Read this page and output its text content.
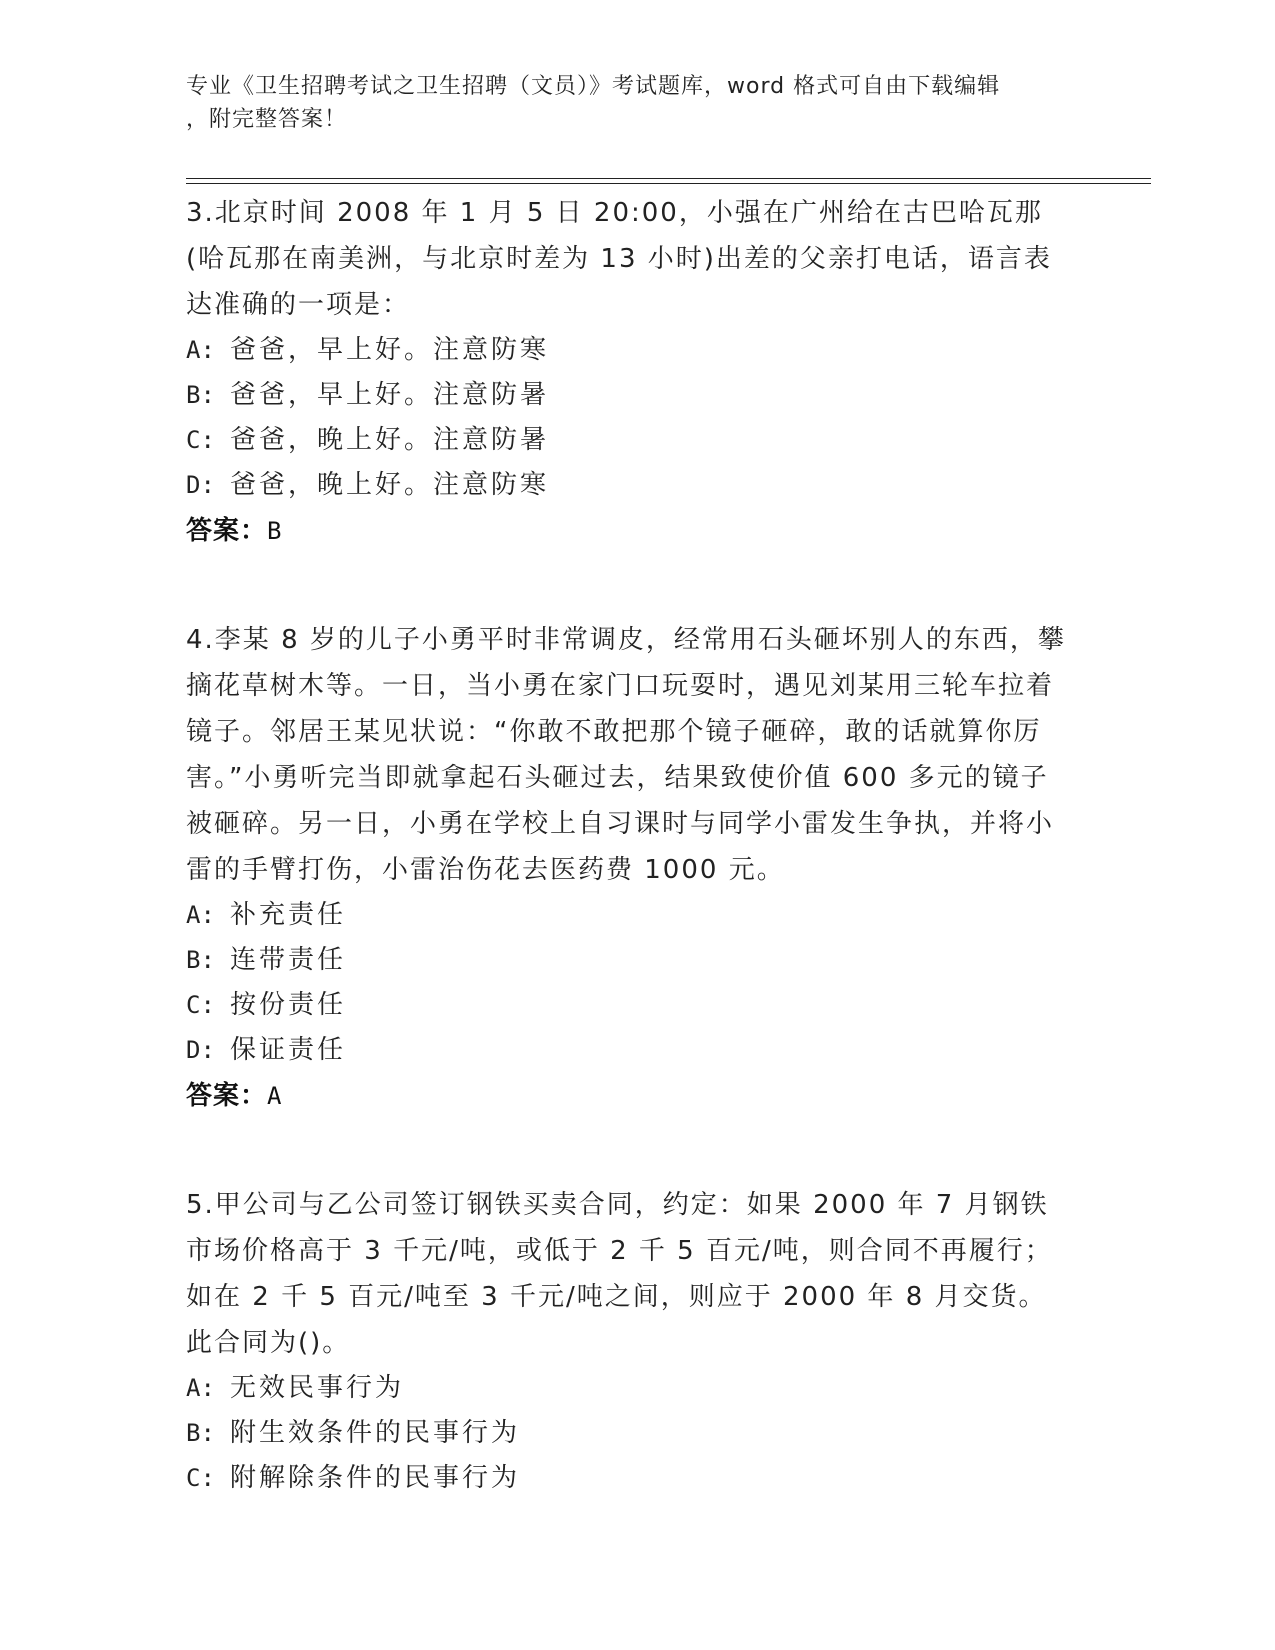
专业《卫生招聘考试之卫生招聘（文员）》考试题库，word 格式可自由下载编辑
，附完整答案！

3.北京时间 2008 年 1 月 5 日 20:00，小强在广州给在古巴哈瓦那(哈瓦那在南美洲，与北京时差为 13 小时)出差的父亲打电话，语言表达准确的一项是：

A: 爸爸，早上好。注意防寒
B: 爸爸，早上好。注意防暑
C: 爸爸，晚上好。注意防暑
D: 爸爸，晚上好。注意防寒
答案：B

4.李某 8 岁的儿子小勇平时非常调皮，经常用石头砸坏别人的东西，攀摘花草树木等。一日，当小勇在家门口玩耍时，遇见刘某用三轮车拉着镜子。邻居王某见状说：“你敢不敢把那个镜子砸碎，敢的话就算你厉害。”小勇听完当即就拿起石头砸过去，结果致使价值 600 多元的镜子被砸碎。另一日，小勇在学校上自习课时与同学小雷发生争执，并将小雷的手臂打伤，小雷治伤花去医药费 1000 元。

A: 补充责任
B: 连带责任
C: 按份责任
D: 保证责任
答案：A

5.甲公司与乙公司签订钢铁买卖合同，约定：如果 2000 年 7 月钢铁市场价格高于 3 千元/吨，或低于 2 千 5 百元/吨，则合同不再履行；如在 2 千 5 百元/吨至 3 千元/吨之间，则应于 2000 年 8 月交货。此合同为()。

A: 无效民事行为
B: 附生效条件的民事行为
C: 附解除条件的民事行为
